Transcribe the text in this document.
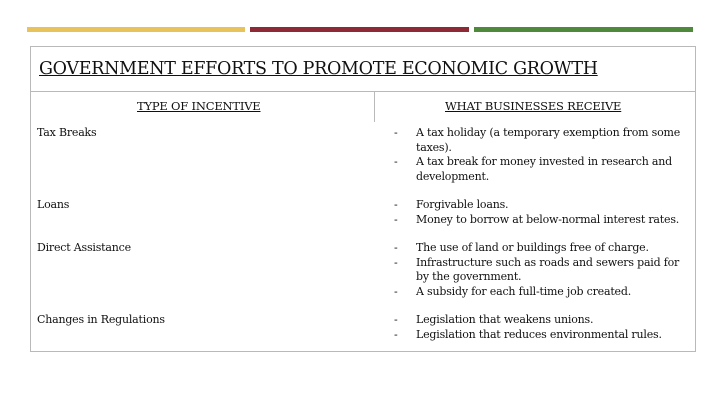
GOVERNMENT EFFORTS TO PROMOTE ECONOMIC GROWTH
TYPE OF INCENTIVE	WHAT BUSINESSES RECEIVE
Tax Breaks	- A tax holiday (a temporary exemption from some taxes).
- A tax break for money invested in research and development.
Loans	- Forgivable loans.
- Money to borrow at below-normal interest rates.
Direct Assistance	- The use of land or buildings free of charge.
- Infrastructure such as roads and sewers paid for by the government.
- A subsidy for each full-time job created.
Changes in Regulations	- Legislation that weakens unions.
- Legislation that reduces environmental rules.
